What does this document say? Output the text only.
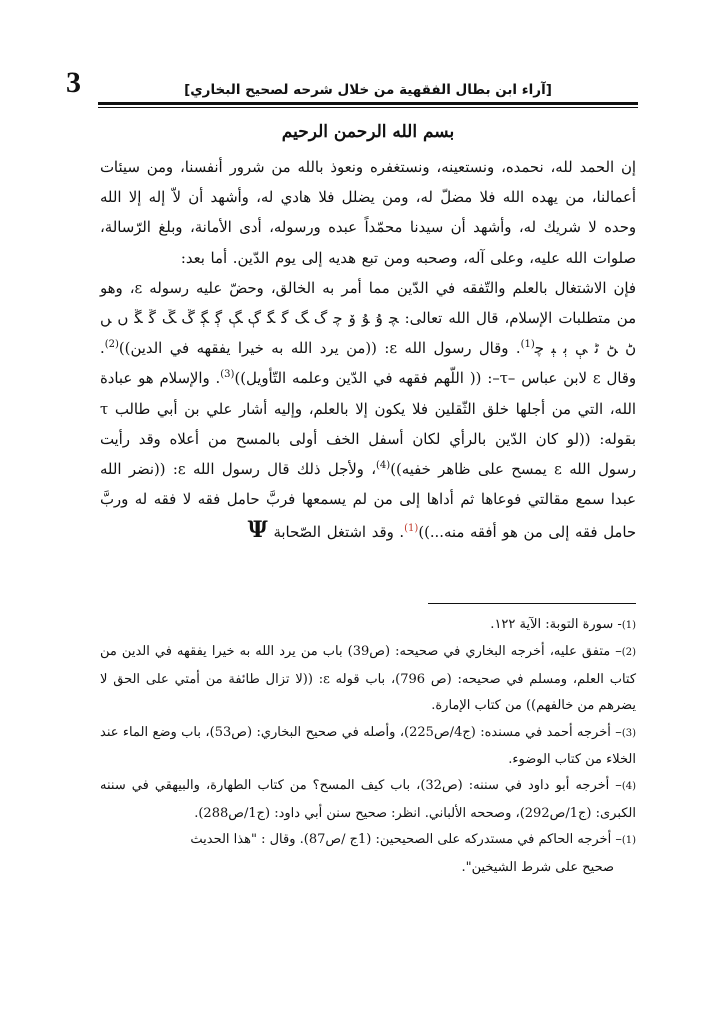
3	[آراء ابن بطال الفقهية من خلال شرحه لصحيح البخاري]
بسم الله الرحمن الرحيم

إن الحمد لله، نحمده، ونستعينه، ونستغفره ونعوذ بالله من شرور أنفسنا، ومن سيئات أعمالنا، من يهده الله فلا مضلّ له، ومن يضلل فلا هادي له، وأشهد أن لاّ إله إلا الله وحده لا شريك له، وأشهد أن سيدنا محمّداً عبده ورسوله، أدى الأمانة، وبلغ الرّسالة، صلوات الله عليه، وعلى آله، وصحبه ومن تبع هديه إلى يوم الدّين. أما بعد:

فإن الاشتغال بالعلم والتّفقه في الدّين مما أمر به الخالق، وحضّ عليه رسوله ε، وهو من متطلبات الإسلام، قال الله تعالى: ﭽ ﯗ ﯘ ﯙ ﭼ ﮒ ﮓ ﮔ ﮕ ﮖ ﮗ ﮘ ﮙ ﮚ ﮛ ﮜ ﮝ ﮞ ﮟ ﮠ ﮡ ﮢ ﯥ ﯦ ﯧ ﭼ$^{(1)}$. وقال رسول الله ε: ((من يرد الله به خيرا يفقهه في الدين))$^{(2)}$. وقال ε لابن عباس –τ–: (( اللّهم فقهه في الدّين وعلمه التّأويل))$^{(3)}$. والإسلام هو عبادة الله، التي من أجلها خلق الثّقلين فلا يكون إلا بالعلم، وإليه أشار علي بن أبي طالب τ بقوله: ((لو كان الدّين بالرأي لكان أسفل الخف أولى بالمسح من أعلاه وقد رأيت رسول الله ε يمسح على ظاهر خفيه))$^{(4)}$، ولأجل ذلك قال رسول الله ε: ((نضر الله عبدا سمع مقالتي فوعاها ثم أداها إلى من لم يسمعها فربَّ حامل فقه لا فقه له وربَّ حامل فقه إلى من هو أفقه منه...))$^{(1)}$. وقد اشتغل الصّحابة Ψ

(1)- سورة التوبة: الآية ١٢٢.

(2)– متفق عليه، أخرجه البخاري في صحيحه: (ص39) باب من يرد الله به خيرا يفقهه في الدين من كتاب العلم، ومسلم في صحيحه: (ص 796)، باب قوله ε: ((لا تزال طائفة من أمتي على الحق لا يضرهم من خالفهم)) من كتاب الإمارة.

(3)– أخرجه أحمد في مسنده: (ج4/ص225)، وأصله في صحيح البخاري: (ص53)، باب وضع الماء عند الخلاء من كتاب الوضوء.

(4)– أخرجه أبو داود في سننه: (ص32)، باب كيف المسح؟ من كتاب الطهارة، والبيهقي في سننه الكبرى: (ج1/ص292)، وصححه الألباني. انظر: صحيح سنن أبي داود: (ج1/ص288).

(1)– أخرجه الحاكم في مستدركه على الصحيحين: (1ج /ص87). وقال : "هذا الحديث

صحيح على شرط الشيخين".
